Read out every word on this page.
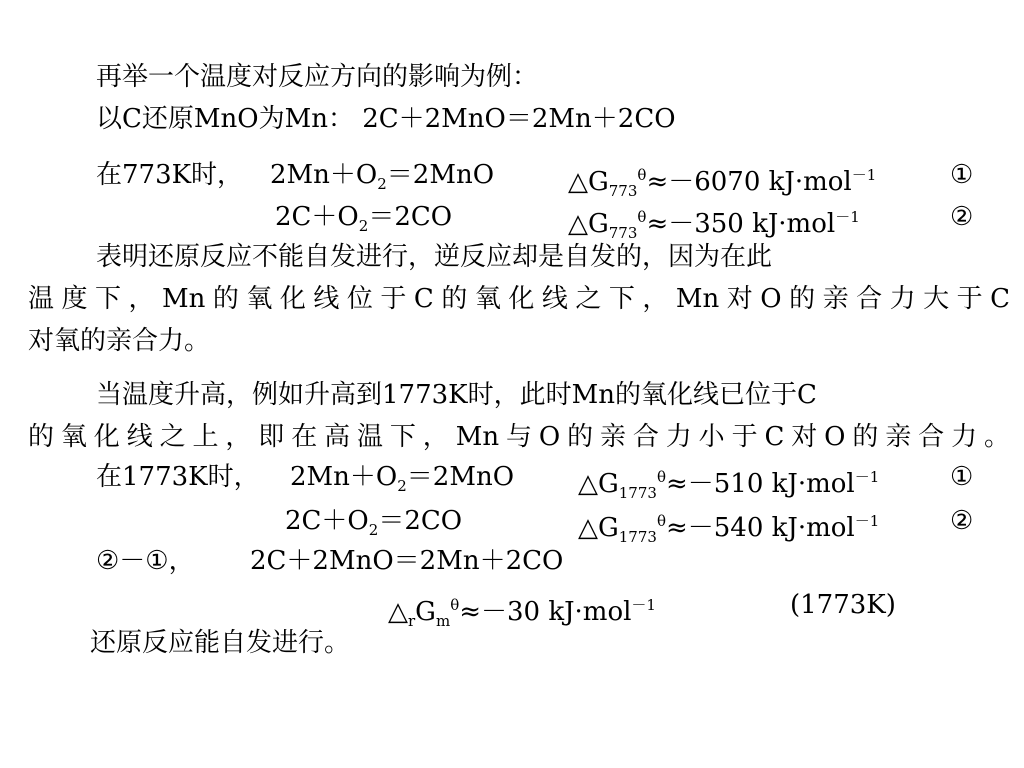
再举一个温度对反应方向的影响为例：
以C还原MnO为Mn： 2C＋2MnO＝2Mn＋2CO
在773K时， $2Mn+O_2=2MnO$	$\triangle G_{773}^\theta\approx-6070$ kJ·mol$^{-1}$	①
$2C+O_2=2CO$	$\triangle G_{773}^\theta\approx-350$ kJ·mol$^{-1}$	②
表明还原反应不能自发进行，逆反应却是自发的，因为在此
温度下，Mn的氧化线位于C的氧化线之下，Mn对O的亲合力大于C
对氧的亲合力。
当温度升高，例如升高到1773K时，此时Mn的氧化线已位于C
的氧化线之上，即在高温下，Mn与O的亲合力小于C对O的亲合力。
在1773K时， $2Mn+O_2=2MnO$ $\triangle G_{1773}^\theta\approx-510$ kJ·mol$^{-1}$	①
$2C+O_2=2CO$	$\triangle G_{1773}^\theta\approx-540$ kJ·mol$^{-1}$	②
②－①， 2C＋2MnO＝2Mn＋2CO
$\triangle_rG_m^\theta\approx-30$ kJ·mol$^{-1}$	(1773K)
还原反应能自发进行。
